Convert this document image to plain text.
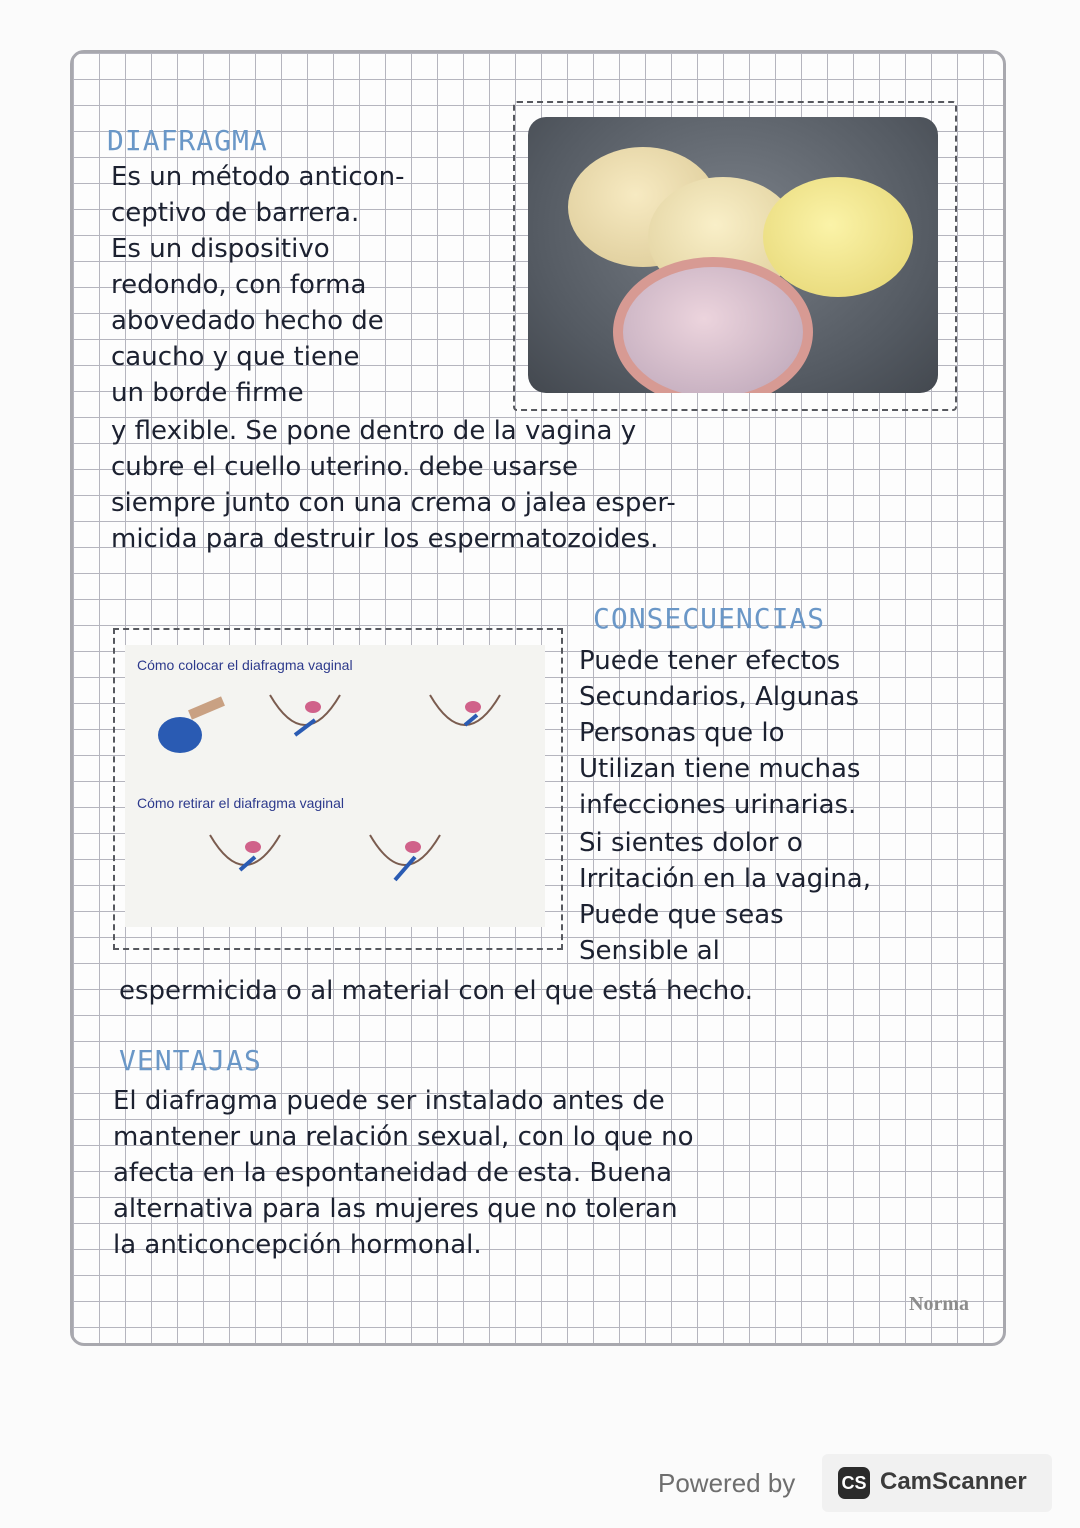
DIAFRAGMA
Es un método anticon-
ceptivo de barrera.
Es un dispositivo
redondo, con forma
abovedado hecho de
caucho y que tiene
un borde firme
y flexible. Se pone dentro de la vagina y
cubre el cuello uterino. debe usarse
siempre junto con una crema o jalea esper-
micida para destruir los espermatozoides.
Cómo colocar el diafragma vaginal
Cómo retirar el diafragma vaginal
CONSECUENCIAS
Puede tener efectos
Secundarios, Algunas
Personas que lo
Utilizan tiene muchas
infecciones urinarias.
Si sientes dolor o
Irritación en la vagina,
Puede que seas
Sensible al
espermicida o al material con el que está hecho.
VENTAJAS
El diafragma puede ser instalado antes de
mantener una relación sexual, con lo que no
afecta en la espontaneidad de esta. Buena
alternativa para las mujeres que no toleran
la anticoncepción hormonal.
Norma
Powered by	CS CamScanner
